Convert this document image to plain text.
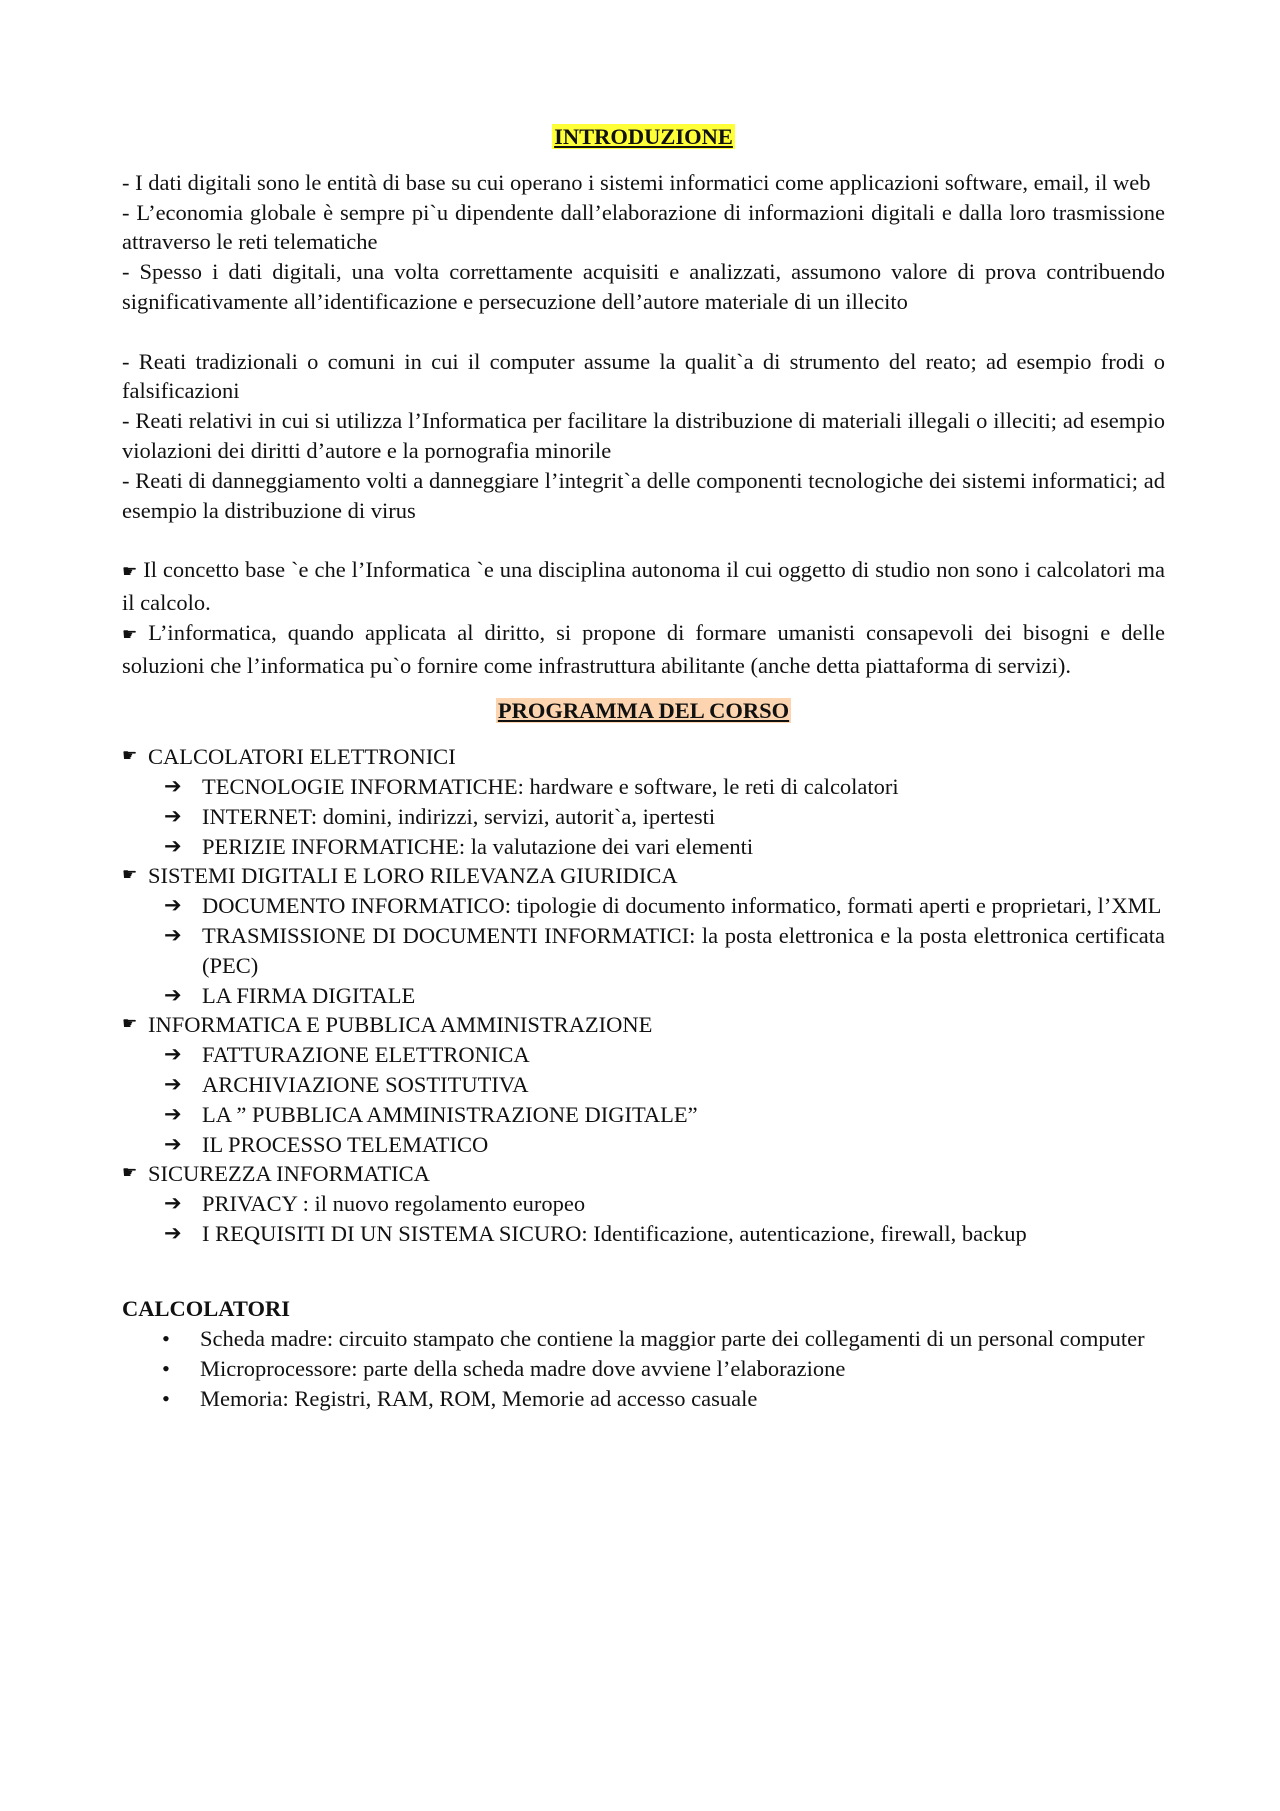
INTRODUZIONE

- I dati digitali sono le entità di base su cui operano i sistemi informatici come applicazioni software, email, il web

- L’economia globale è sempre pi`u dipendente dall’elaborazione di informazioni digitali e dalla loro trasmissione attraverso le reti telematiche

- Spesso i dati digitali, una volta correttamente acquisiti e analizzati, assumono valore di prova contribuendo significativamente all’identificazione e persecuzione dell’autore materiale di un illecito

- Reati tradizionali o comuni in cui il computer assume la qualit`a di strumento del reato; ad esempio frodi o falsificazioni

- Reati relativi in cui si utilizza l’Informatica per facilitare la distribuzione di materiali illegali o illeciti; ad esempio violazioni dei diritti d’autore e la pornografia minorile

- Reati di danneggiamento volti a danneggiare l’integrit`a delle componenti tecnologiche dei sistemi informatici; ad esempio la distribuzione di virus

☛ Il concetto base `e che l’Informatica `e una disciplina autonoma il cui oggetto di studio non sono i calcolatori ma il calcolo.

☛ L’informatica, quando applicata al diritto, si propone di formare umanisti consapevoli dei bisogni e delle soluzioni che l’informatica pu`o fornire come infrastruttura abilitante (anche detta piattaforma di servizi).

PROGRAMMA DEL CORSO
☛ CALCOLATORI ELETTRONICI
➔ TECNOLOGIE INFORMATICHE: hardware e software, le reti di calcolatori
➔ INTERNET: domini, indirizzi, servizi, autorit`a, ipertesti
➔ PERIZIE INFORMATICHE: la valutazione dei vari elementi
☛ SISTEMI DIGITALI E LORO RILEVANZA GIURIDICA
➔ DOCUMENTO INFORMATICO: tipologie di documento informatico, formati aperti e proprietari, l’XML
➔ TRASMISSIONE DI DOCUMENTI INFORMATICI: la posta elettronica e la posta elettronica certificata (PEC)
➔ LA FIRMA DIGITALE
☛ INFORMATICA E PUBBLICA AMMINISTRAZIONE
➔ FATTURAZIONE ELETTRONICA
➔ ARCHIVIAZIONE SOSTITUTIVA
➔ LA ” PUBBLICA AMMINISTRAZIONE DIGITALE”
➔ IL PROCESSO TELEMATICO
☛ SICUREZZA INFORMATICA
➔ PRIVACY : il nuovo regolamento europeo
➔ I REQUISITI DI UN SISTEMA SICURO: Identificazione, autenticazione, firewall, backup

CALCOLATORI

•	Scheda madre: circuito stampato che contiene la maggior parte dei collegamenti di un personal computer
•	Microprocessore: parte della scheda madre dove avviene l’elaborazione
•	Memoria: Registri, RAM, ROM, Memorie ad accesso casuale
